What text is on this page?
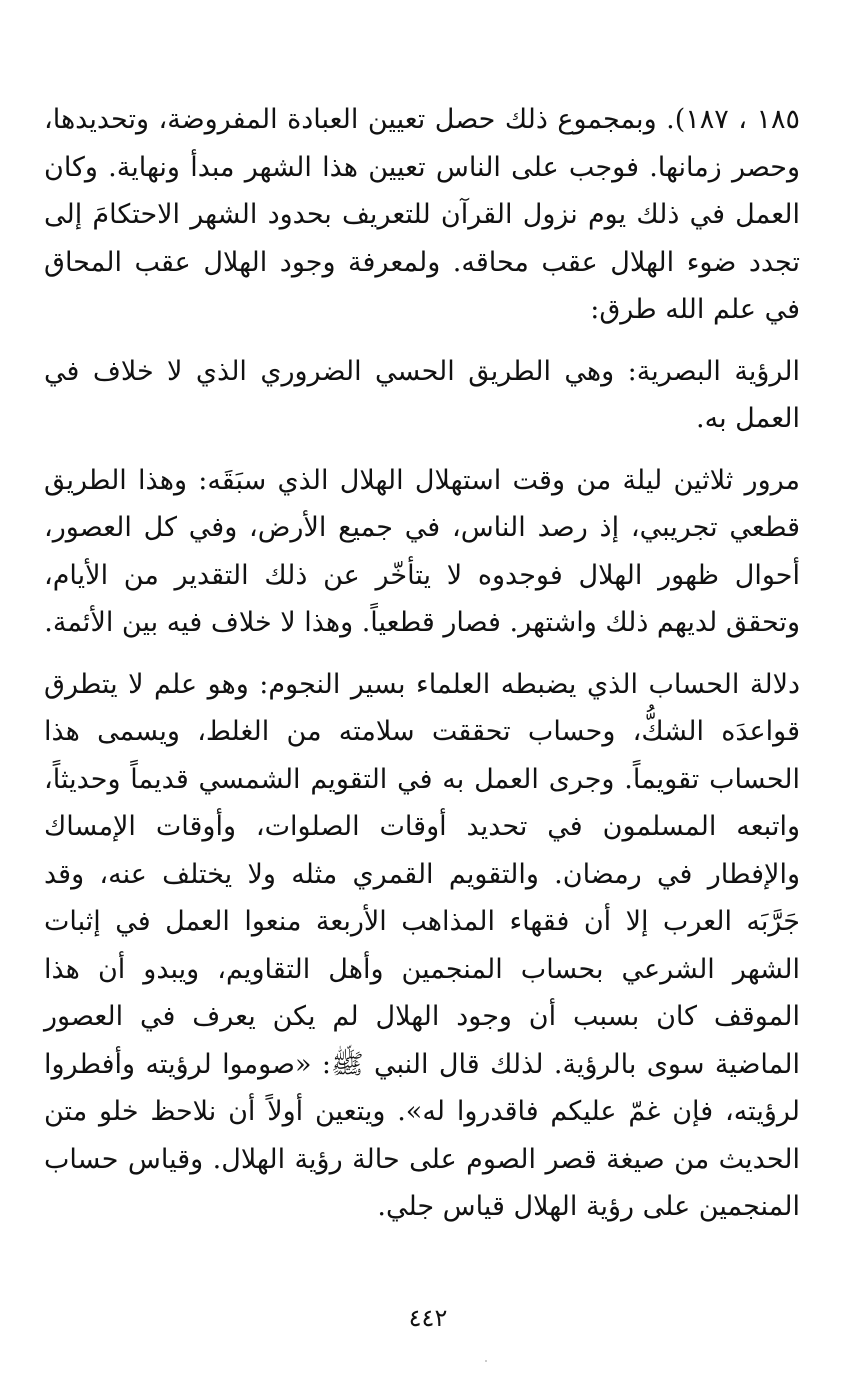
١٨٥ ، ١٨٧). وبمجموع ذلك حصل تعيين العبادة المفروضة، وتحديدها، وحصر زمانها. فوجب على الناس تعيين هذا الشهر مبدأ ونهاية. وكان العمل في ذلك يوم نزول القرآن للتعريف بحدود الشهر الاحتكامَ إلى تجدد ضوء الهلال عقب محاقه. ولمعرفة وجود الهلال عقب المحاق في علم الله طرق:

الرؤية البصرية: وهي الطريق الحسي الضروري الذي لا خلاف في العمل به.

مرور ثلاثين ليلة من وقت استهلال الهلال الذي سبَقَه: وهذا الطريق قطعي تجريبي، إذ رصد الناس، في جميع الأرض، وفي كل العصور، أحوال ظهور الهلال فوجدوه لا يتأخّر عن ذلك التقدير من الأيام، وتحقق لديهم ذلك واشتهر. فصار قطعياً. وهذا لا خلاف فيه بين الأئمة.

دلالة الحساب الذي يضبطه العلماء بسير النجوم: وهو علم لا يتطرق قواعدَه الشكُّ، وحساب تحققت سلامته من الغلط، ويسمى هذا الحساب تقويماً. وجرى العمل به في التقويم الشمسي قديماً وحديثاً، واتبعه المسلمون في تحديد أوقات الصلوات، وأوقات الإمساك والإفطار في رمضان. والتقويم القمري مثله ولا يختلف عنه، وقد جَرَّبَه العرب إلا أن فقهاء المذاهب الأربعة منعوا العمل في إثبات الشهر الشرعي بحساب المنجمين وأهل التقاويم، ويبدو أن هذا الموقف كان بسبب أن وجود الهلال لم يكن يعرف في العصور الماضية سوى بالرؤية. لذلك قال النبي ﷺ: «صوموا لرؤيته وأفطروا لرؤيته، فإن غمّ عليكم فاقدروا له». ويتعين أولاً أن نلاحظ خلو متن الحديث من صيغة قصر الصوم على حالة رؤية الهلال. وقياس حساب المنجمين على رؤية الهلال قياس جلي.

٤٤٢
